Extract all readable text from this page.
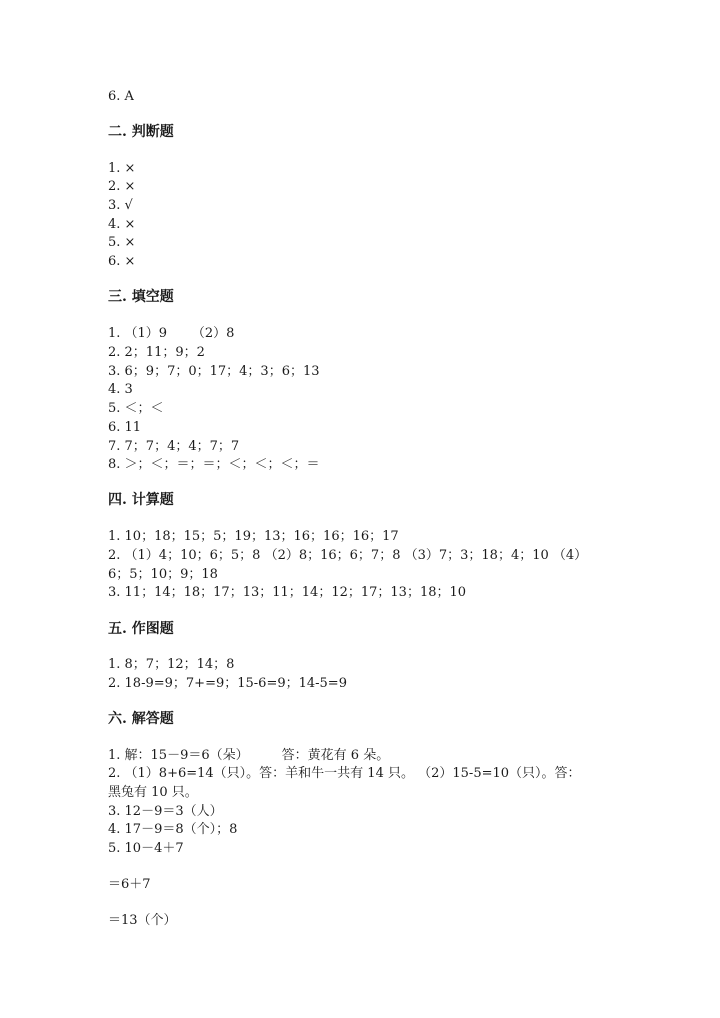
6. A
二. 判断题
1. ×
2. ×
3. √
4. ×
5. ×
6. ×
三. 填空题
1. （1）9      （2）8
2. 2；11；9；2
3. 6；9；7；0；17；4；3；6；13
4. 3
5. ＜；＜
6. 11
7. 7；7；4；4；7；7
8. ＞；＜；＝；＝；＜；＜；＜；＝
四. 计算题
1. 10；18；15；5；19；13；16；16；16；17
2. （1）4；10；6；5；8 （2）8；16；6；7；8 （3）7；3；18；4；10 （4）
6；5；10；9；18
3. 11；14；18；17；13；11；14；12；17；13；18；10
五. 作图题
1. 8；7；12；14；8
2. 18-9=9；7+=9；15-6=9；14-5=9
六. 解答题
1. 解：15－9＝6（朵）        答：黄花有 6 朵。
2. （1）8+6=14（只）。答：羊和牛一共有 14 只。 （2）15-5=10（只）。答：
黑兔有 10 只。
3. 12－9＝3（人）
4. 17－9＝8（个）；8
5. 10－4＋7
＝6＋7
＝13（个）
